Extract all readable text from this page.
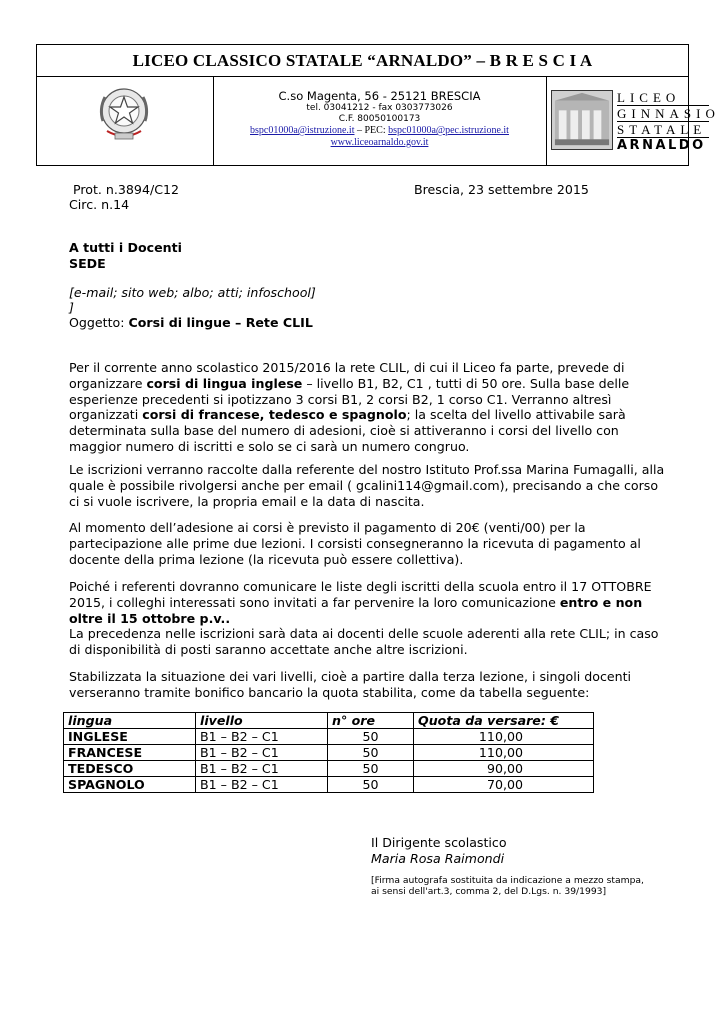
LICEO CLASSICO STATALE “ARNALDO” – B R E S C I A
C.so Magenta, 56 - 25121 BRESCIA
tel. 03041212 - fax 0303773026
C.F. 80050100173
bspc01000a@istruzione.it – PEC: bspc01000a@pec.istruzione.it
www.liceoarnaldo.gov.it
LICEO
GINNASIO
STATALE
ARNALDO
Prot. n.3894/C12
Circ. n.14
Brescia, 23 settembre 2015
A tutti i Docenti
SEDE
[e-mail; sito web; albo; atti; infoschool]
]
Oggetto: Corsi di lingue – Rete CLIL
Per il corrente anno scolastico 2015/2016 la rete CLIL, di cui il Liceo fa parte, prevede di organizzare corsi di lingua inglese – livello B1, B2, C1 , tutti di 50 ore. Sulla base delle esperienze precedenti si ipotizzano 3 corsi B1, 2 corsi B2, 1 corso C1. Verranno altresì organizzati corsi di francese, tedesco e spagnolo; la scelta del livello attivabile sarà determinata sulla base del numero di adesioni, cioè si attiveranno i corsi del livello con maggior numero di iscritti e solo se ci sarà un numero congruo.
Le iscrizioni verranno raccolte dalla referente del nostro Istituto Prof.ssa Marina Fumagalli, alla quale è possibile rivolgersi anche per email ( gcalini114@gmail.com), precisando a che corso ci si vuole iscrivere, la propria email e la data di nascita.
Al momento dell’adesione ai corsi è previsto il pagamento di 20€ (venti/00) per la partecipazione alle prime due lezioni. I corsisti consegneranno la ricevuta di pagamento al docente della prima lezione (la ricevuta può essere collettiva).
Poiché i referenti dovranno comunicare le liste degli iscritti della scuola entro il 17 OTTOBRE 2015, i colleghi interessati sono invitati a far pervenire la loro comunicazione entro e non oltre il 15 ottobre p.v..
La precedenza nelle iscrizioni sarà data ai docenti delle scuole aderenti alla rete CLIL; in caso di disponibilità di posti saranno accettate anche altre iscrizioni.
Stabilizzata la situazione dei vari livelli, cioè a partire dalla terza lezione, i singoli docenti verseranno tramite bonifico bancario la quota stabilita, come da tabella seguente:
lingua	livello	n° ore	Quota da versare: €
INGLESE	B1 – B2 – C1	50	110,00
FRANCESE	B1 – B2 – C1	50	110,00
TEDESCO	B1 – B2 – C1	50	90,00
SPAGNOLO	B1 – B2 – C1	50	70,00
Il Dirigente scolastico
Maria Rosa Raimondi
[Firma autografa sostituita da indicazione a mezzo stampa,
ai sensi dell'art.3, comma 2, del D.Lgs. n. 39/1993]
